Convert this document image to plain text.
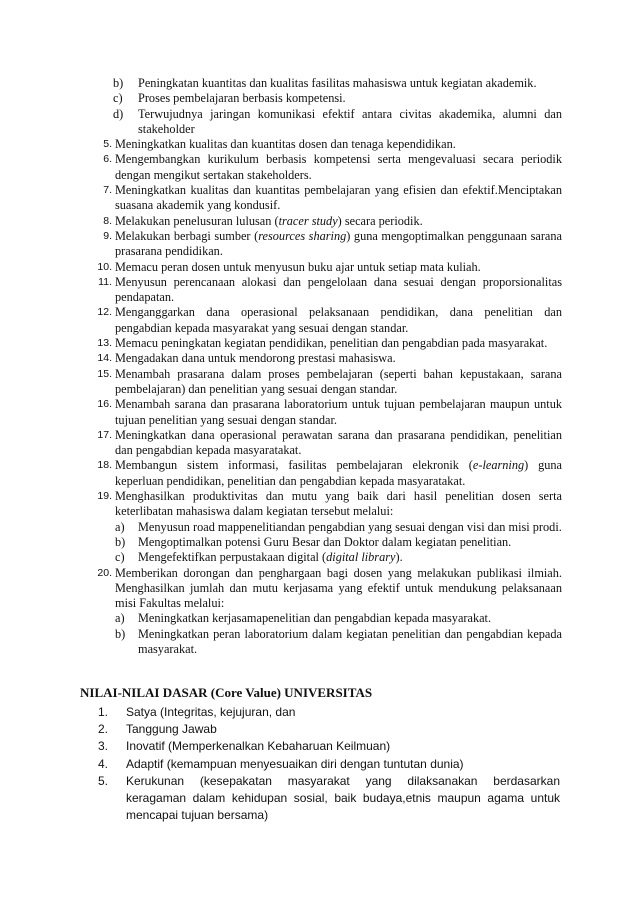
b) Peningkatan kuantitas dan kualitas fasilitas mahasiswa untuk kegiatan akademik.
c) Proses pembelajaran berbasis kompetensi.
d) Terwujudnya jaringan komunikasi efektif antara civitas akademika, alumni dan stakeholder
5. Meningkatkan kualitas dan kuantitas dosen dan tenaga kependidikan.
6. Mengembangkan kurikulum berbasis kompetensi serta mengevaluasi secara periodik dengan mengikut sertakan stakeholders.
7. Meningkatkan kualitas dan kuantitas pembelajaran yang efisien dan efektif.Menciptakan suasana akademik yang kondusif.
8. Melakukan penelusuran lulusan (tracer study) secara periodik.
9. Melakukan berbagi sumber (resources sharing) guna mengoptimalkan penggunaan sarana prasarana pendidikan.
10. Memacu peran dosen untuk menyusun buku ajar untuk setiap mata kuliah.
11. Menyusun perencanaan alokasi dan pengelolaan dana sesuai dengan proporsionalitas pendapatan.
12. Menganggarkan dana operasional pelaksanaan pendidikan, dana penelitian dan pengabdian kepada masyarakat yang sesuai dengan standar.
13. Memacu peningkatan kegiatan pendidikan, penelitian dan pengabdian pada masyarakat.
14. Mengadakan dana untuk mendorong prestasi mahasiswa.
15. Menambah prasarana dalam proses pembelajaran (seperti bahan kepustakaan, sarana pembelajaran) dan penelitian yang sesuai dengan standar.
16. Menambah sarana dan prasarana laboratorium untuk tujuan pembelajaran maupun untuk tujuan penelitian yang sesuai dengan standar.
17. Meningkatkan dana operasional perawatan sarana dan prasarana pendidikan, penelitian dan pengabdian kepada masyaratakat.
18. Membangun sistem informasi, fasilitas pembelajaran elekronik (e-learning) guna keperluan pendidikan, penelitian dan pengabdian kepada masyaratakat.
19. Menghasilkan produktivitas dan mutu yang baik dari hasil penelitian dosen serta keterlibatan mahasiswa dalam kegiatan tersebut melalui:
a) Menyusun road mappenelitiandan pengabdian yang sesuai dengan visi dan misi prodi.
b) Mengoptimalkan potensi Guru Besar dan Doktor dalam kegiatan penelitian.
c) Mengefektifkan perpustakaan digital (digital library).
20. Memberikan dorongan dan penghargaan bagi dosen yang melakukan publikasi ilmiah. Menghasilkan jumlah dan mutu kerjasama yang efektif untuk mendukung pelaksanaan misi Fakultas melalui:
a) Meningkatkan kerjasamapenelitian dan pengabdian kepada masyarakat.
b) Meningkatkan peran laboratorium dalam kegiatan penelitian dan pengabdian kepada masyarakat.
NILAI-NILAI DASAR (Core Value) UNIVERSITAS
1. Satya (Integritas, kejujuran, dan
2. Tanggung Jawab
3. Inovatif (Memperkenalkan Kebaharuan Keilmuan)
4. Adaptif (kemampuan menyesuaikan diri dengan tuntutan dunia)
5. Kerukunan (kesepakatan masyarakat yang dilaksanakan berdasarkan keragaman dalam kehidupan sosial, baik budaya,etnis maupun agama untuk mencapai tujuan bersama)
